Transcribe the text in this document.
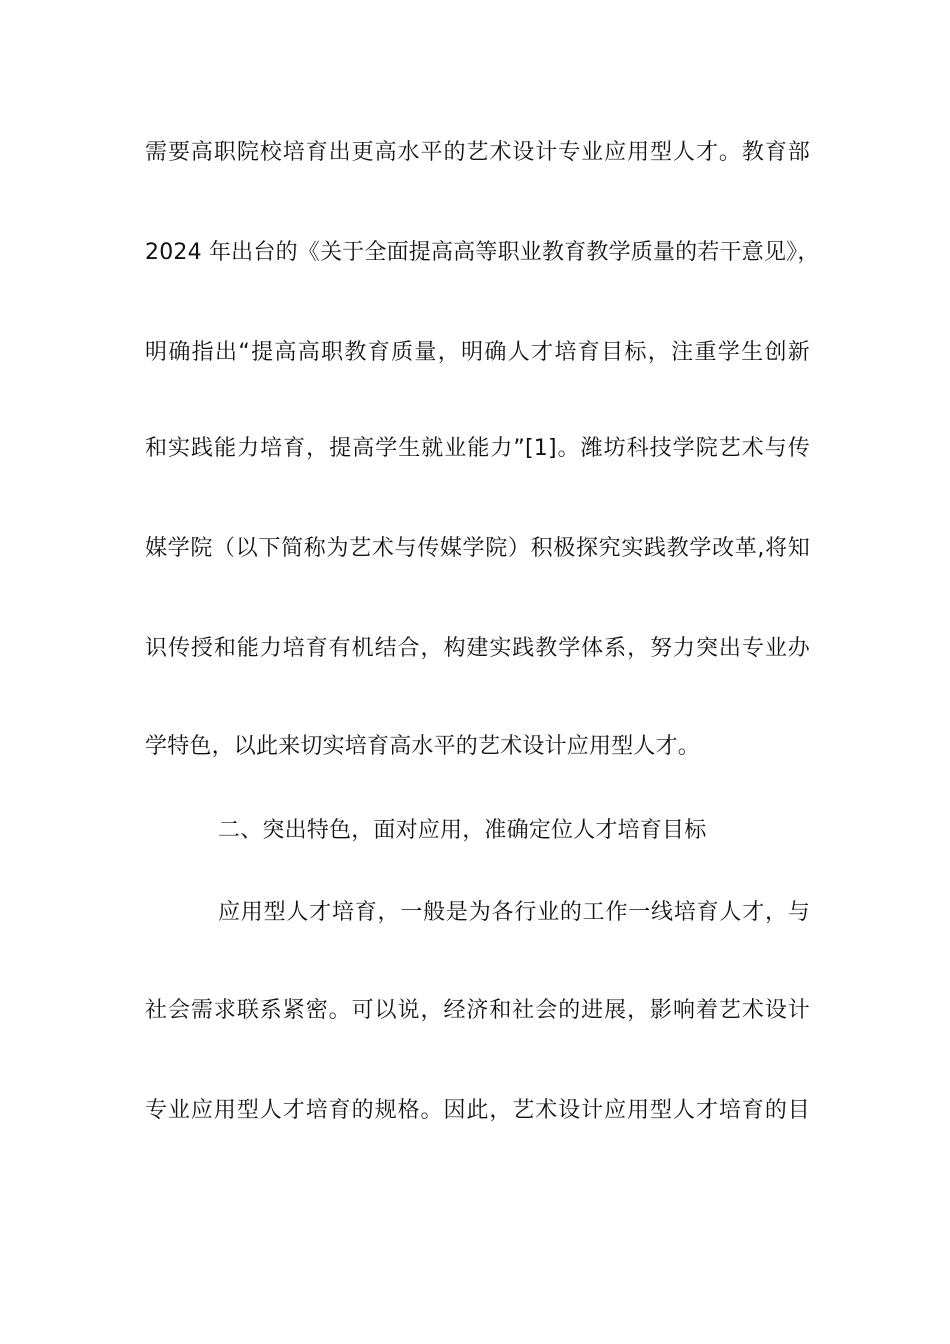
需要高职院校培育出更高水平的艺术设计专业应用型人才。教育部
2024 年出台的《关于全面提高高等职业教育教学质量的若干意见》，
明确指出“提高高职教育质量，明确人才培育目标，注重学生创新
和实践能力培育，提高学生就业能力”[1]。潍坊科技学院艺术与传
媒学院（以下简称为艺术与传媒学院）积极探究实践教学改革,将知
识传授和能力培育有机结合，构建实践教学体系，努力突出专业办
学特色，以此来切实培育高水平的艺术设计应用型人才。
二、突出特色，面对应用，准确定位人才培育目标
应用型人才培育，一般是为各行业的工作一线培育人才，与
社会需求联系紧密。可以说，经济和社会的进展，影响着艺术设计
专业应用型人才培育的规格。因此，艺术设计应用型人才培育的目
